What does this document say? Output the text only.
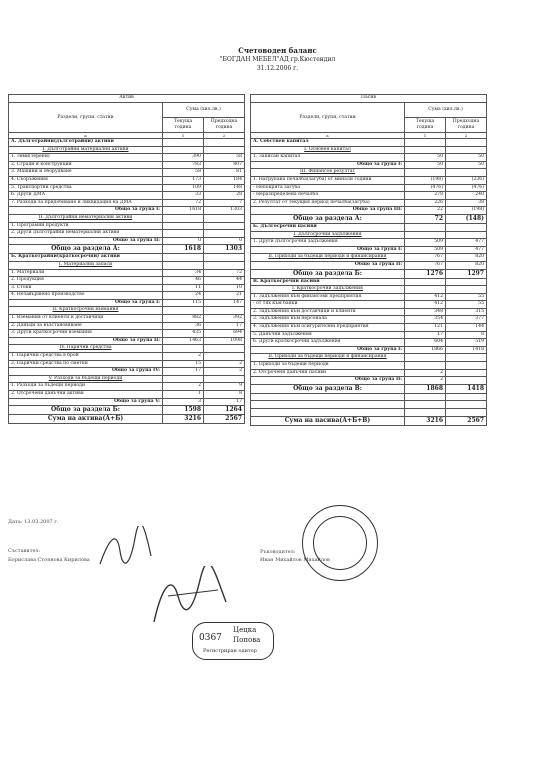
Счетоводен баланс
"БОГДАН МЕБЕЛ"АД гр.Кюстендил
31.12.2006 г.
Актив		
Раздели, групи, статии	Сума (хил.лв.)	
	Текуща година	Предходна година
а	1	2
А. Дълготрайни(дълготрайни) активи		
I. Дълготрайни материални активи		
1. Земи(терени)	390	58
2. Сгради и конструкции	783	807
3. Машини и оборудване	58	81
4. Съоръжения	173	184
5. Транспортни средства	109	148
6. Други ДМА	33	28
7. Разходи за придобиване и ликвидация на ДМА	72	7
Общо за група I:	1618	1303
II. Дълготрайни нематериални активи		
1. Програмни продукти		
2. Други дълготрайни нематериални активи		
Общо за група II:	0	0
Общо за раздела А:	1618	1303
Б. Краткотрайни(краткосрочни) активи		
I. Материални запаси		
1. Материали	34	72
2. Продукция	46	44
3. Стоки	11	10
4. Незавършено производство	24	21
Общо за група I:	115	147
II. Краткосрочни вземания		
1. Вземания от клиенти и доставчици	882	392
2. Данъци за възстановяване	36	17
3. Други краткосрочни вземания	435	694
Общо за група II:	1463	1098
IV. Парични средства		
1. Парични средства в брой	2	
2. Парични средства по сметки	15	2
Общо за група IV:	17	2
V. Разходи за бъдещи периоди		
1. Разходи за бъдещи периоди	2	9
2. Отсрочени данъчни активи	1	8
Общо за група V:	3	17
Общо за раздела Б:	1598	1264
Сума на актива(А+Б)	3216	2567
Пасив		
Раздели, групи, статии	Сума (хил.лв.)	
	Текуща година	Предходна година
а	1	2
А. Собствен капитал		
I. Основен капитал		
1. Записан капитал	50	50
Общо за група I:	50	50
III. Финансов резултат		
1. Натрупана печалба(загуба) от минали години	(198)	(236)
- Непокрита загуба	(476)	(476)
- Неразпределена печалба	278	240
2. Резултат от текущия период печалба(загуба)	226	38
Общо за група III:	22	(198)
Общо за раздела А:	72	(148)
Б. Дългосрочни пасиви		
I. Дългосрочни задължения		
1. Други дългосрочни задължения	509	477
Общо за група I:	509	477
II. Приходи за бъдещи периоди и финансирания	767	820
Общо за група II:	767	820
Общо за раздела Б:	1276	1297
В. Краткосрочни пасиви		
I. Краткосрочни задължения		
1. Задължения към финансови предприятия	412	55
- от тях към банки	412	55
2. Задължения към доставчици и клиенти	348	315
3. Задължения към персонала	354	377
4. Задължения към осигурителни предприятия	121	144
5. Данъчни задължения	17	8
6. Други краткосрочни задължения	604	519
Общо за група I:	1866	1418
II. Приходи за бъдещи периоди и финансирания		
1. Приходи за бъдещи периоди		
2. Отсрочени данъчни пасиви	2	
Общо за група II:	2	
Общо за раздела В:	1868	1418

Сума на пасива(А+Б+В)	3216	2567
Дата: 13.03.2007 г.
Съставител:
Борислава Стоянова Кирилова
Ръководител:
Иван Михайлов Михайлов
0367
Цецка
Попова
Регистриран одитор
